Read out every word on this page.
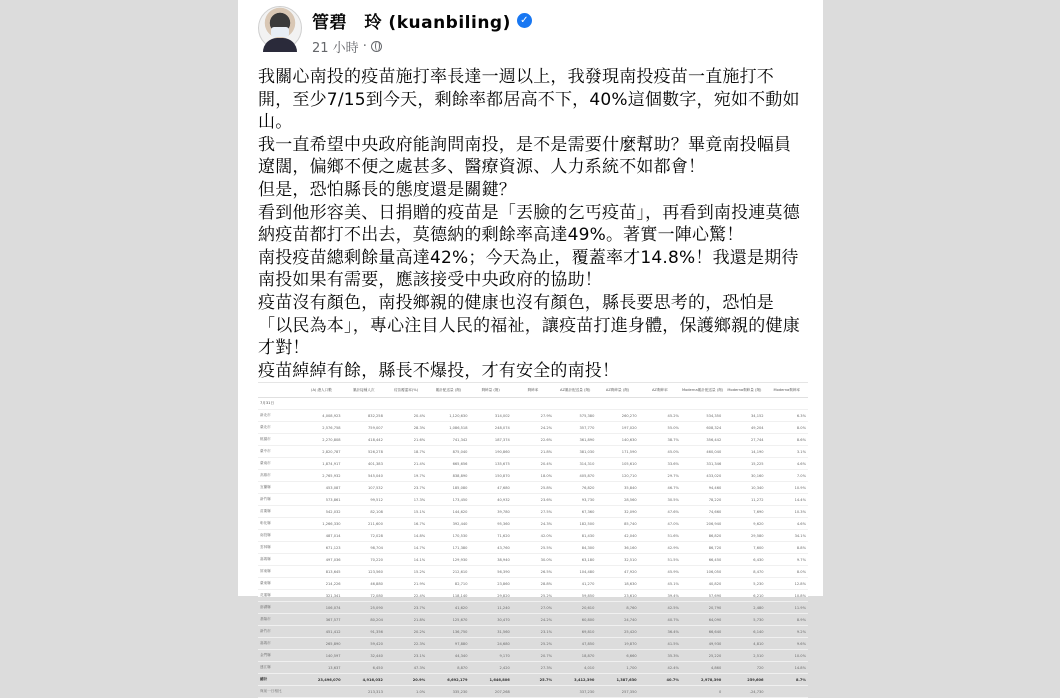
管碧　玲 (kuanbiling) ✓
21 小時 ·

我關心南投的疫苗施打率長達一週以上，我發現南投疫苗一直施打不開，至少7/15到今天，剩餘率都居高不下，40%這個數字，宛如不動如山。

我一直希望中央政府能詢問南投，是不是需要什麼幫助？畢竟南投幅員遼闊，偏鄉不便之處甚多、醫療資源、人力系統不如都會！

但是，恐怕縣長的態度還是關鍵？

看到他形容美、日捐贈的疫苗是「丟臉的乞丐疫苗」，再看到南投連莫德納疫苗都打不出去，莫德納的剩餘率高達49%。著實一陣心驚！

南投疫苗總剩餘量高達42%；今天為止，覆蓋率才14.8%！我還是期待南投如果有需要，應該接受中央政府的協助！

疫苗沒有顏色，南投鄉親的健康也沒有顏色，縣長要思考的，恐怕是「以民為本」，專心注目人民的福祉，讓疫苗打進身體，保護鄉親的健康才對！

疫苗綽綽有餘，縣長不爆投，才有安全的南投！

	(A) 總人口數	累計接種人次	疫苗覆蓋率(%)	累計配送量 (劑)	剩餘量 (劑)	剩餘率	AZ累計配送量 (劑)	AZ剩餘量 (劑)	AZ剩餘率	Moderna累計配送量 (劑)	Moderna剩餘量 (劑)	Moderna剩餘率
7月31日												
新北市	4,008,923	832,258	20.4%	1,120,630	314,002	27.9%	575,380	260,270	45.2%	534,350	34,152	6.3%
臺北市	2,576,758	759,007	28.3%	1,086,518	248,074	24.2%	357,770	197,020	55.0%	608,324	49,204	8.0%
桃園市	2,270,808	418,442	21.6%	741,342	187,374	22.6%	361,890	140,630	38.7%	356,442	27,744	8.6%
臺中市	2,820,787	526,278	18.7%	875,040	190,860	21.8%	381,030	171,590	45.0%	460,040	14,190	3.1%
臺南市	1,874,917	401,383	21.4%	665,656	135,675	20.4%	314,310	105,610	33.6%	331,346	15,225	4.6%
高雄市	2,765,932	545,040	19.7%	838,890	150,870	18.0%	405,870	120,710	29.7%	433,020	30,160	7.0%
宜蘭縣	453,087	107,532	23.7%	185,080	47,680	25.8%	76,820	35,840	46.7%	94,460	10,340	10.9%
新竹縣	573,861	99,512	17.3%	173,450	40,932	23.6%	93,730	28,560	30.5%	78,220	11,272	14.4%
苗栗縣	542,032	82,108	15.1%	144,620	39,780	27.5%	67,360	32,090	47.6%	74,660	7,690	10.3%
彰化縣	1,266,330	211,600	16.7%	392,440	95,360	24.3%	182,500	85,740	47.0%	206,940	9,620	4.6%
南投縣	487,014	72,028	14.8%	170,530	71,620	42.0%	81,430	42,040	51.6%	86,820	29,580	34.1%
雲林縣	671,123	98,704	14.7%	171,380	43,760	25.5%	84,300	36,160	42.9%	86,720	7,600	8.8%
嘉義縣	497,036	70,220	14.1%	129,930	38,940	30.0%	63,180	32,510	51.5%	66,450	6,430	9.7%
屏東縣	813,645	123,560	15.2%	212,610	56,390	26.5%	104,480	47,920	45.9%	106,050	8,470	8.0%
臺東縣	214,226	46,880	21.9%	82,710	23,860	28.8%	41,270	18,630	45.1%	40,820	5,230	12.8%
花蓮縣	321,341	72,080	22.4%	118,140	29,820	25.2%	59,850	23,610	39.4%	57,690	6,210	10.8%
澎湖縣	106,074	25,090	23.7%	41,620	11,240	27.0%	20,610	8,760	42.5%	20,790	2,480	11.9%
基隆市	367,577	80,204	21.8%	125,670	30,470	24.2%	60,800	24,740	40.7%	64,090	5,730	8.9%
新竹市	451,412	91,356	20.2%	136,750	31,560	23.1%	69,810	25,420	36.4%	66,640	6,140	9.2%
嘉義市	265,890	59,420	22.3%	97,880	24,680	25.2%	47,850	19,870	41.5%	49,930	4,810	9.6%
金門縣	140,597	32,440	23.1%	44,340	9,170	20.7%	18,870	6,660	35.3%	25,220	2,510	10.0%
連江縣	13,637	6,450	47.3%	8,870	2,420	27.3%	4,010	1,700	42.4%	4,860	720	14.8%
總計	23,496,070	4,916,032	20.9%	6,692,179	1,646,806	25.7%	3,412,390	1,387,630	40.7%	2,978,390	259,606	8.7%
與前一日相比		213,313	1.0%	335,230	207,268		337,230	257,350		0	-24,730	
